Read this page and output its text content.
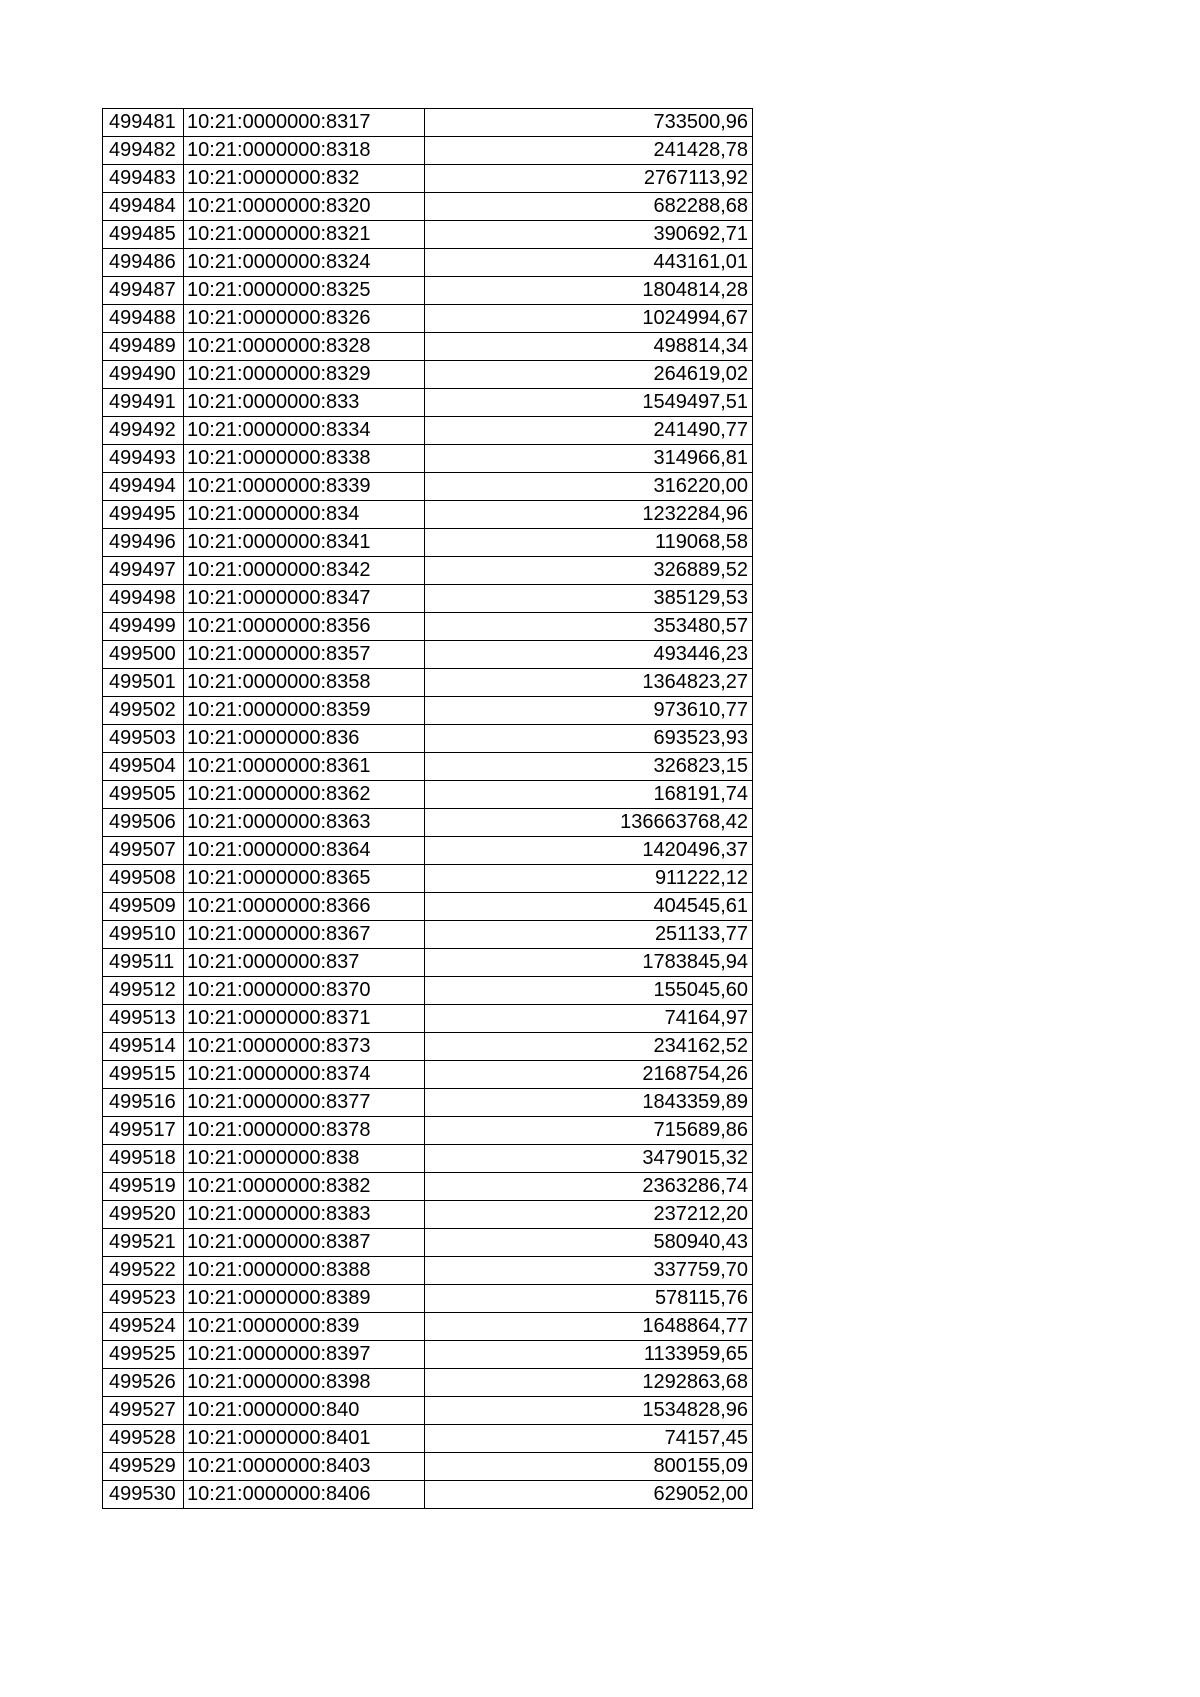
499481	10:21:0000000:8317	733500,96
499482	10:21:0000000:8318	241428,78
499483	10:21:0000000:832	2767113,92
499484	10:21:0000000:8320	682288,68
499485	10:21:0000000:8321	390692,71
499486	10:21:0000000:8324	443161,01
499487	10:21:0000000:8325	1804814,28
499488	10:21:0000000:8326	1024994,67
499489	10:21:0000000:8328	498814,34
499490	10:21:0000000:8329	264619,02
499491	10:21:0000000:833	1549497,51
499492	10:21:0000000:8334	241490,77
499493	10:21:0000000:8338	314966,81
499494	10:21:0000000:8339	316220,00
499495	10:21:0000000:834	1232284,96
499496	10:21:0000000:8341	119068,58
499497	10:21:0000000:8342	326889,52
499498	10:21:0000000:8347	385129,53
499499	10:21:0000000:8356	353480,57
499500	10:21:0000000:8357	493446,23
499501	10:21:0000000:8358	1364823,27
499502	10:21:0000000:8359	973610,77
499503	10:21:0000000:836	693523,93
499504	10:21:0000000:8361	326823,15
499505	10:21:0000000:8362	168191,74
499506	10:21:0000000:8363	136663768,42
499507	10:21:0000000:8364	1420496,37
499508	10:21:0000000:8365	911222,12
499509	10:21:0000000:8366	404545,61
499510	10:21:0000000:8367	251133,77
499511	10:21:0000000:837	1783845,94
499512	10:21:0000000:8370	155045,60
499513	10:21:0000000:8371	74164,97
499514	10:21:0000000:8373	234162,52
499515	10:21:0000000:8374	2168754,26
499516	10:21:0000000:8377	1843359,89
499517	10:21:0000000:8378	715689,86
499518	10:21:0000000:838	3479015,32
499519	10:21:0000000:8382	2363286,74
499520	10:21:0000000:8383	237212,20
499521	10:21:0000000:8387	580940,43
499522	10:21:0000000:8388	337759,70
499523	10:21:0000000:8389	578115,76
499524	10:21:0000000:839	1648864,77
499525	10:21:0000000:8397	1133959,65
499526	10:21:0000000:8398	1292863,68
499527	10:21:0000000:840	1534828,96
499528	10:21:0000000:8401	74157,45
499529	10:21:0000000:8403	800155,09
499530	10:21:0000000:8406	629052,00
